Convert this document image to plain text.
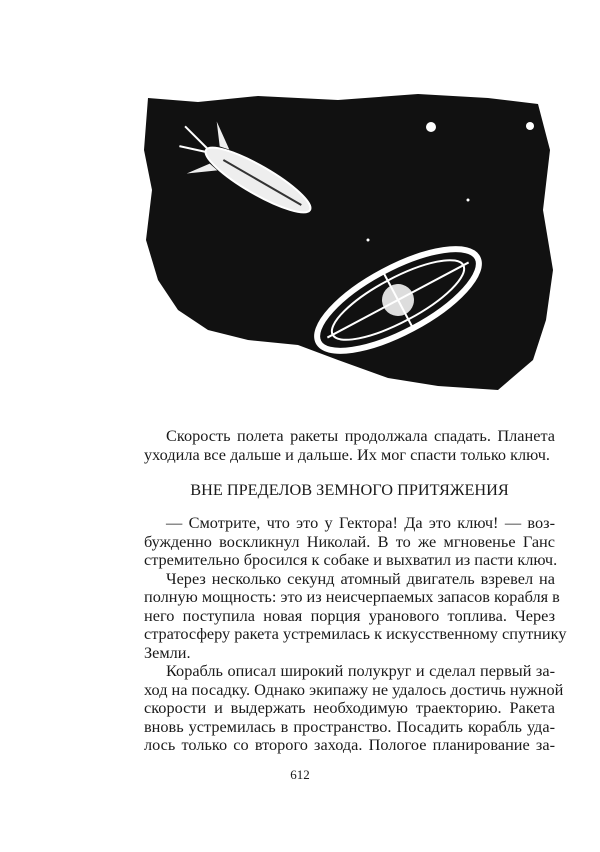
Скорость полета ракеты продолжала спадать. Планета
уходила все дальше и дальше. Их мог спасти только ключ.
ВНЕ ПРЕДЕЛОВ ЗЕМНОГО ПРИТЯЖЕНИЯ
— Смотрите, что это у Гектора! Да это ключ! — воз-
бужденно воскликнул Николай. В то же мгновенье Ганс
стремительно бросился к собаке и выхватил из пасти ключ.
Через несколько секунд атомный двигатель взревел на
полную мощность: это из неисчерпаемых запасов корабля в
него поступила новая порция уранового топлива. Через
стратосферу ракета устремилась к искусственному спутнику
Земли.
Корабль описал широкий полукруг и сделал первый за-
ход на посадку. Однако экипажу не удалось достичь нужной
скорости и выдержать необходимую траекторию. Ракета
вновь устремилась в пространство. Посадить корабль уда-
лось только со второго захода. Пологое планирование за-
612
